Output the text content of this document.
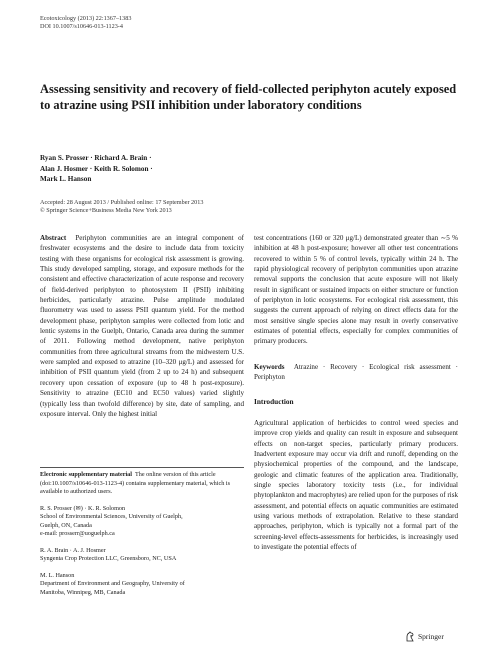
Ecotoxicology (2013) 22:1367–1383
DOI 10.1007/s10646-013-1123-4
Assessing sensitivity and recovery of field-collected periphyton acutely exposed to atrazine using PSII inhibition under laboratory conditions
Ryan S. Prosser · Richard A. Brain ·
Alan J. Hosmer · Keith R. Solomon ·
Mark L. Hanson
Accepted: 28 August 2013 / Published online: 17 September 2013
© Springer Science+Business Media New York 2013
Abstract Periphyton communities are an integral component of freshwater ecosystems and the desire to include data from toxicity testing with these organisms for ecological risk assessment is growing. This study developed sampling, storage, and exposure methods for the consistent and effective characterization of acute response and recovery of field-derived periphyton to photosystem II (PSII) inhibiting herbicides, particularly atrazine. Pulse amplitude modulated fluorometry was used to assess PSII quantum yield. For the method development phase, periphyton samples were collected from lotic and lentic systems in the Guelph, Ontario, Canada area during the summer of 2011. Following method development, native periphyton communities from three agricultural streams from the midwestern U.S. were sampled and exposed to atrazine (10–320 μg/L) and assessed for inhibition of PSII quantum yield (from 2 up to 24 h) and subsequent recovery upon cessation of exposure (up to 48 h post-exposure). Sensitivity to atrazine (EC10 and EC50 values) varied slightly (typically less than twofold difference) by site, date of sampling, and exposure interval. Only the highest initial
test concentrations (160 or 320 μg/L) demonstrated greater than ∼5 % inhibition at 48 h post-exposure; however all other test concentrations recovered to within 5 % of control levels, typically within 24 h. The rapid physiological recovery of periphyton communities upon atrazine removal supports the conclusion that acute exposure will not likely result in significant or sustained impacts on either structure or function of periphyton in lotic ecosystems. For ecological risk assessment, this suggests the current approach of relying on direct effects data for the most sensitive single species alone may result in overly conservative estimates of potential effects, especially for complex communities of primary producers.
Keywords Atrazine · Recovery · Ecological risk assessment · Periphyton
Introduction
Agricultural application of herbicides to control weed species and improve crop yields and quality can result in exposure and subsequent effects on non-target species, particularly primary producers. Inadvertent exposure may occur via drift and runoff, depending on the physiochemical properties of the compound, and the landscape, geologic and climatic features of the application area. Traditionally, single species laboratory toxicity tests (i.e., for individual phytoplankton and macrophytes) are relied upon for the purposes of risk assessment, and potential effects on aquatic communities are estimated using various methods of extrapolation. Relative to these standard approaches, periphyton, which is typically not a formal part of the screening-level effects-assessments for herbicides, is increasingly used to investigate the potential effects of
Electronic supplementary material The online version of this article (doi:10.1007/s10646-013-1123-4) contains supplementary material, which is available to authorized users.
R. S. Prosser (✉) · K. R. Solomon
School of Environmental Sciences, University of Guelph,
Guelph, ON, Canada
e-mail: prosserr@uoguelph.ca
R. A. Brain · A. J. Hosmer
Syngenta Crop Protection LLC, Greensboro, NC, USA
M. L. Hanson
Department of Environment and Geography, University of
Manitoba, Winnipeg, MB, Canada
Springer
